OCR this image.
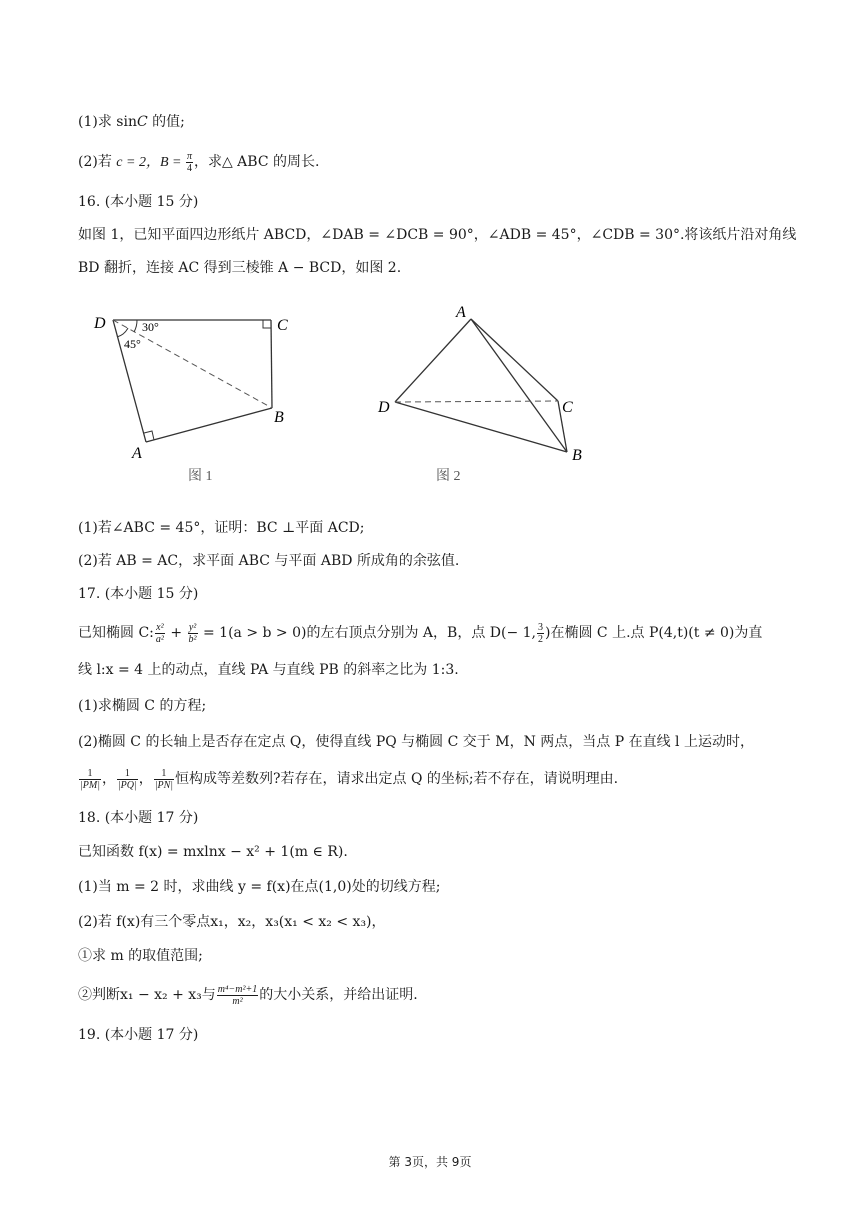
(1)求 sin𝐶 的值;
(2)若 c = 2，$B = \frac{\pi}{4}$ ，求△ ABC 的周长.
16. (本小题 15 分)
如图 1，已知平面四边形纸片 ABCD，∠DAB = ∠DCB = 90°，∠ADB = 45°，∠CDB = 30°.将该纸片沿对角线
BD 翻折，连接 AC 得到三棱锥 A − BCD，如图 2.
D	C
B
A
30°
45°
图 1
A
D	C
B
图 2
(1)若∠ABC = 45°，证明：BC ⊥平面 ACD;
(2)若 AB = AC，求平面 ABC 与平面 ABD 所成角的余弦值.
17. (本小题 15 分)
已知椭圆 C: $\frac{\text{x²}}{\text{a²}} + \frac{\text{y²}}{\text{b²}} = 1(a > b > 0)$的左右顶点分别为 A，B，点 D(− 1, $\frac{3}{2}$ )在椭圆 C 上.点 P(4,t)(t ≠ 0)为直
线 l:x = 4 上的动点，直线 PA 与直线 PB 的斜率之比为 1:3.
(1)求椭圆 C 的方程;
(2)椭圆 C 的长轴上是否存在定点 Q，使得直线 PQ 与椭圆 C 交于 M，N 两点，当点 P 在直线 l 上运动时，
$\frac{1}{|PM|}$ ， $\frac{1}{|PQ|}$ ， $\frac{1}{|PN|}$ 恒构成等差数列?若存在，请求出定点 Q 的坐标;若不存在，请说明理由.
18. (本小题 17 分)
已知函数 f(x) = mxlnx − x² + 1(m ∈ R).
(1)当 m = 2 时，求曲线 y = f(x)在点(1,0)处的切线方程;
(2)若 f(x)有三个零点x₁，x₂，x₃(x₁ < x₂ < x₃)，
①求 m 的取值范围;
②判断x₁ − x₂ + x₃与 $\frac{\text{m⁴−m²+1}}{\text{m²}}$ 的大小关系，并给出证明.
19. (本小题 17 分)
第 3页，共 9页
